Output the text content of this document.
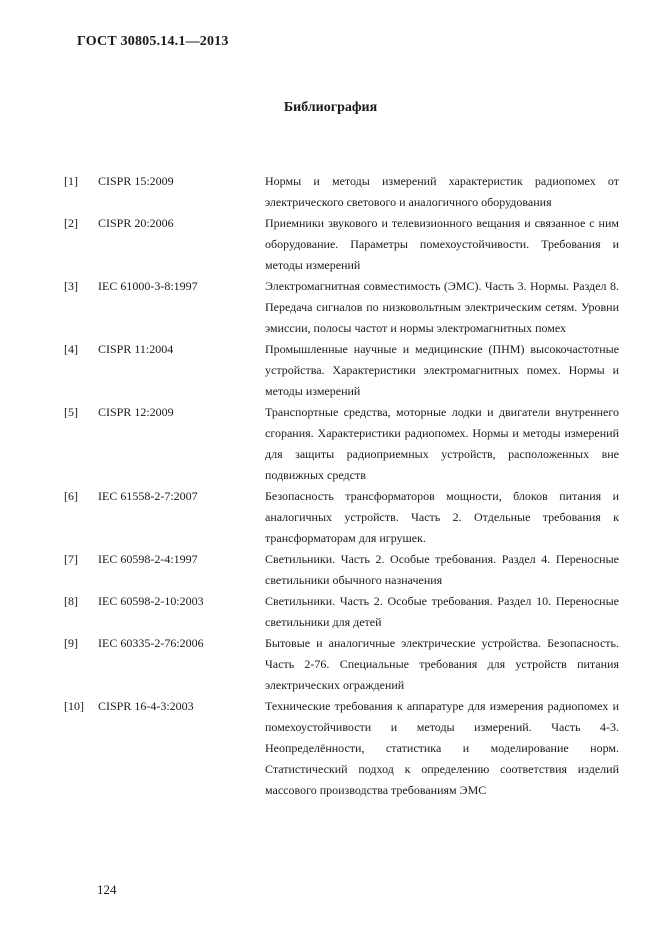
ГОСТ 30805.14.1—2013
Библиография
[1]	CISPR 15:2009	Нормы и методы измерений характеристик радиопомех от электрического светового и аналогичного оборудования
[2]	CISPR 20:2006	Приемники звукового и телевизионного вещания и связанное с ним оборудование. Параметры помехоустойчивости. Требования и методы измерений
[3]	IEC 61000-3-8:1997	Электромагнитная совместимость (ЭМС). Часть 3. Нормы. Раздел 8. Передача сигналов по низковольтным электрическим сетям. Уровни эмиссии, полосы частот и нормы электромагнитных помех
[4]	CISPR 11:2004	Промышленные научные и медицинские (ПНМ) высокочастотные устройства. Характеристики электромагнитных помех. Нормы и методы измерений
[5]	CISPR 12:2009	Транспортные средства, моторные лодки и двигатели внутреннего сгорания. Характеристики радиопомех. Нормы и методы измерений для защиты радиоприемных устройств, расположенных вне подвижных средств
[6]	IEC 61558-2-7:2007	Безопасность трансформаторов мощности, блоков питания и аналогичных устройств. Часть 2. Отдельные требования к трансформаторам для игрушек.
[7]	IEC 60598-2-4:1997	Светильники. Часть 2. Особые требования. Раздел 4. Переносные светильники обычного назначения
[8]	IEC 60598-2-10:2003	Светильники. Часть 2. Особые требования. Раздел 10. Переносные светильники для детей
[9]	IEC 60335-2-76:2006	Бытовые и аналогичные электрические устройства. Безопасность. Часть 2-76. Специальные требования для устройств питания электрических ограждений
[10]	CISPR 16-4-3:2003	Технические требования к аппаратуре для измерения радиопомех и помехоустойчивости и методы измерений. Часть 4-3. Неопределённости, статистика и моделирование норм. Статистический подход к определению соответствия изделий массового производства требованиям ЭМС
124
